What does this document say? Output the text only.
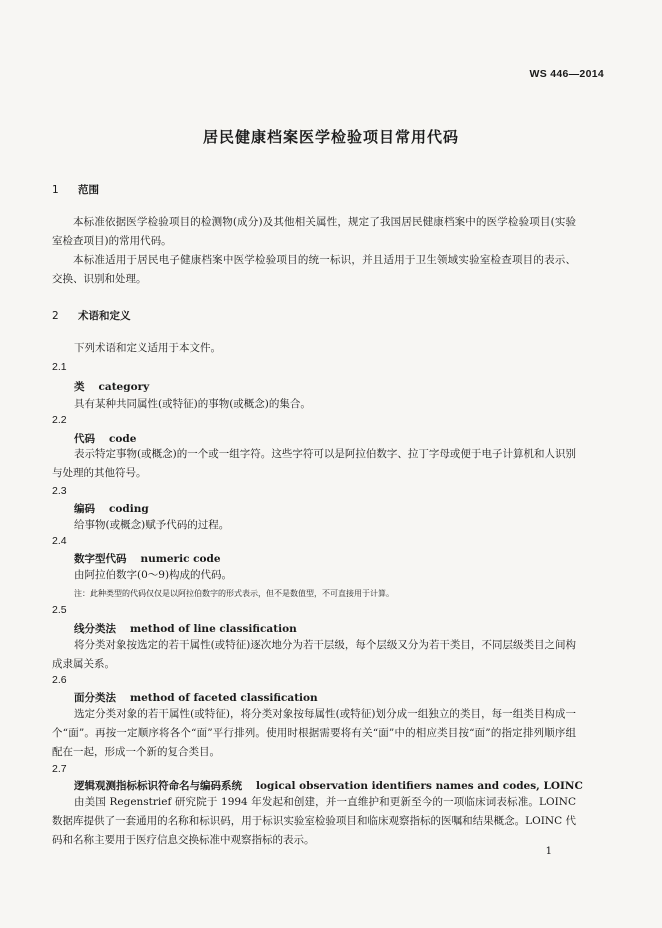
WS 446—2014
居民健康档案医学检验项目常用代码
1 范围
本标准依据医学检验项目的检测物(成分)及其他相关属性，规定了我国居民健康档案中的医学检验项目(实验室检查项目)的常用代码。
本标准适用于居民电子健康档案中医学检验项目的统一标识，并且适用于卫生领域实验室检查项目的表示、交换、识别和处理。
2 术语和定义
下列术语和定义适用于本文件。
2.1
类 category
具有某种共同属性(或特征)的事物(或概念)的集合。
2.2
代码 code
表示特定事物(或概念)的一个或一组字符。这些字符可以是阿拉伯数字、拉丁字母或便于电子计算机和人识别与处理的其他符号。
2.3
编码 coding
给事物(或概念)赋予代码的过程。
2.4
数字型代码 numeric code
由阿拉伯数字(0～9)构成的代码。
注：此种类型的代码仅仅是以阿拉伯数字的形式表示，但不是数值型，不可直接用于计算。
2.5
线分类法 method of line classification
将分类对象按选定的若干属性(或特征)逐次地分为若干层级，每个层级又分为若干类目，不同层级类目之间构成隶属关系。
2.6
面分类法 method of faceted classification
选定分类对象的若干属性(或特征)，将分类对象按每属性(或特征)划分成一组独立的类目，每一组类目构成一个“面”。再按一定顺序将各个“面”平行排列。使用时根据需要将有关“面”中的相应类目按“面”的指定排列顺序组配在一起，形成一个新的复合类目。
2.7
逻辑观测指标标识符命名与编码系统 logical observation identifiers names and codes, LOINC
由美国 Regenstrief 研究院于 1994 年发起和创建，并一直维护和更新至今的一项临床词表标准。LOINC 数据库提供了一套通用的名称和标识码，用于标识实验室检验项目和临床观察指标的医嘱和结果概念。LOINC 代码和名称主要用于医疗信息交换标准中观察指标的表示。
1
